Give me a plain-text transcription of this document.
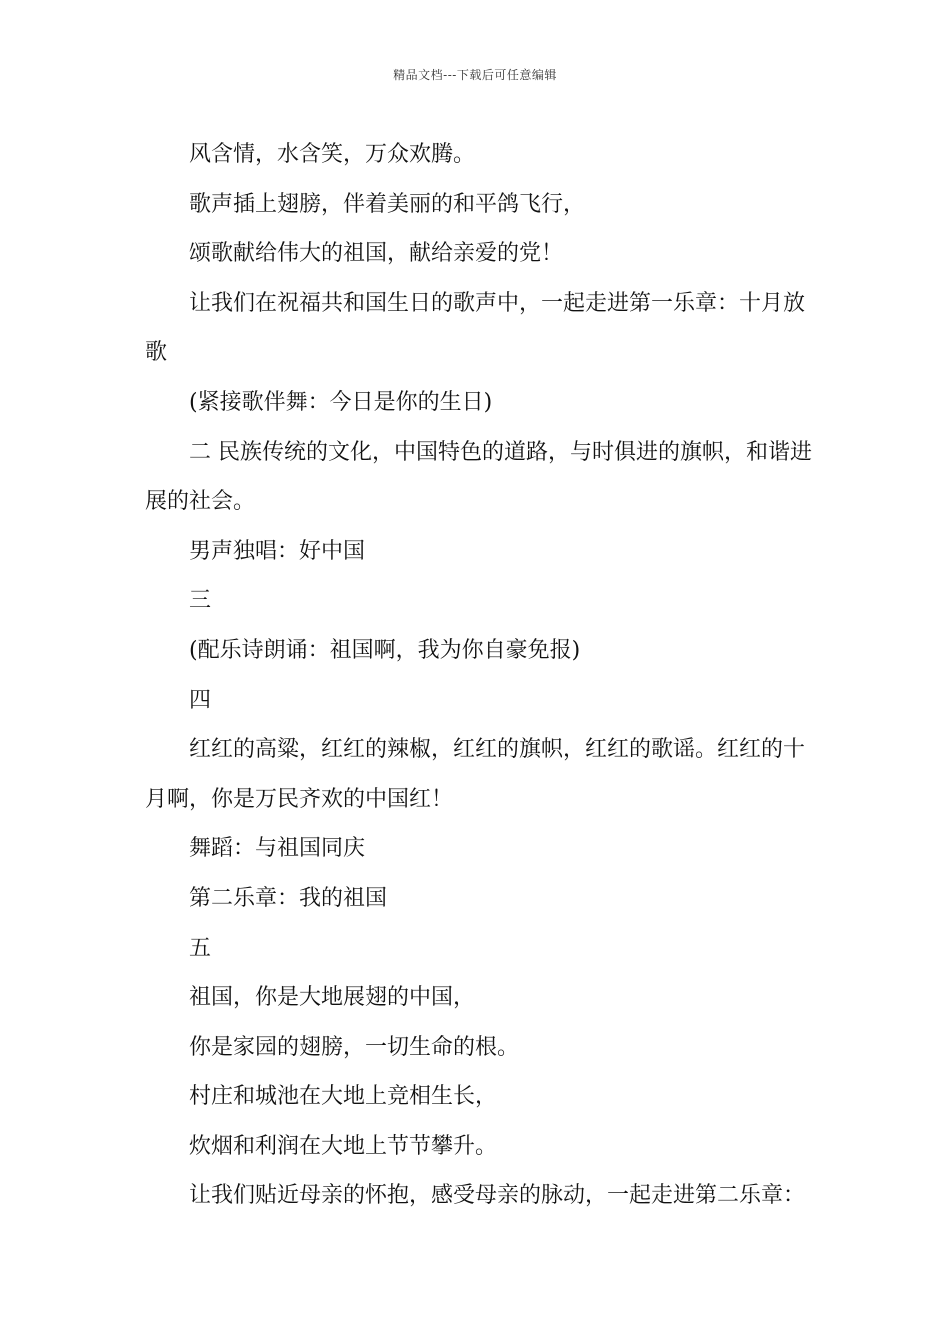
精品文档---下载后可任意编辑

风含情，水含笑，万众欢腾。

歌声插上翅膀，伴着美丽的和平鸽飞行，

颂歌献给伟大的祖国，献给亲爱的党！

让我们在祝福共和国生日的歌声中，一起走进第一乐章：十月放歌

(紧接歌伴舞：今日是你的生日)

二 民族传统的文化，中国特色的道路，与时俱进的旗帜，和谐进展的社会。

男声独唱：好中国

三

(配乐诗朗诵：祖国啊，我为你自豪免报)

四

红红的高粱，红红的辣椒，红红的旗帜，红红的歌谣。红红的十月啊，你是万民齐欢的中国红！

舞蹈：与祖国同庆

第二乐章：我的祖国

五

祖国，你是大地展翅的中国，

你是家园的翅膀，一切生命的根。

村庄和城池在大地上竞相生长，

炊烟和利润在大地上节节攀升。

让我们贴近母亲的怀抱，感受母亲的脉动，一起走进第二乐章：
